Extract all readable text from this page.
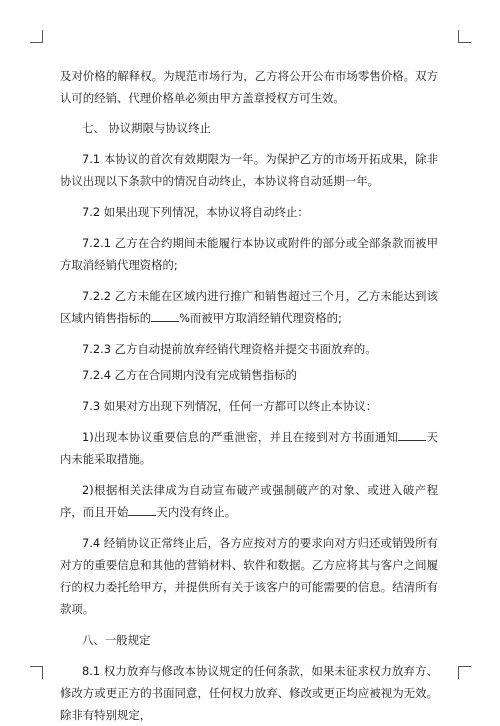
及对价格的解释权。为规范市场行为，乙方将公开公布市场零售价格。双方认可的经销、代理价格单必须由甲方盖章授权方可生效。

七、 协议期限与协议终止

7.1 本协议的首次有效期限为一年。为保护乙方的市场开拓成果，除非协议出现以下条款中的情况自动终止，本协议将自动延期一年。

7.2 如果出现下列情况，本协议将自动终止：

7.2.1 乙方在合约期间未能履行本协议或附件的部分或全部条款而被甲方取消经销代理资格的;

7.2.2 乙方未能在区域内进行推广和销售超过三个月，乙方未能达到该区域内销售指标的 %而被甲方取消经销代理资格的;

7.2.3 乙方自动提前放弃经销代理资格并提交书面放弃的。

7.2.4 乙方在合同期内没有完成销售指标的

7.3 如果对方出现下列情况，任何一方都可以终止本协议：

1)出现本协议重要信息的严重泄密，并且在接到对方书面通知 天内未能采取措施。

2)根据相关法律成为自动宣布破产或强制破产的对象、或进入破产程序，而且开始 天内没有终止。

7.4 经销协议正常终止后，各方应按对方的要求向对方归还或销毁所有对方的重要信息和其他的营销材料、软件和数据。乙方应将其与客户之间履行的权力委托给甲方，并提供所有关于该客户的可能需要的信息。结清所有款项。

八、一般规定

8.1 权力放弃与修改本协议规定的任何条款，如果未征求权力放弃方、修改方或更正方的书面同意，任何权力放弃、修改或更正均应被视为无效。除非有特别规定，
